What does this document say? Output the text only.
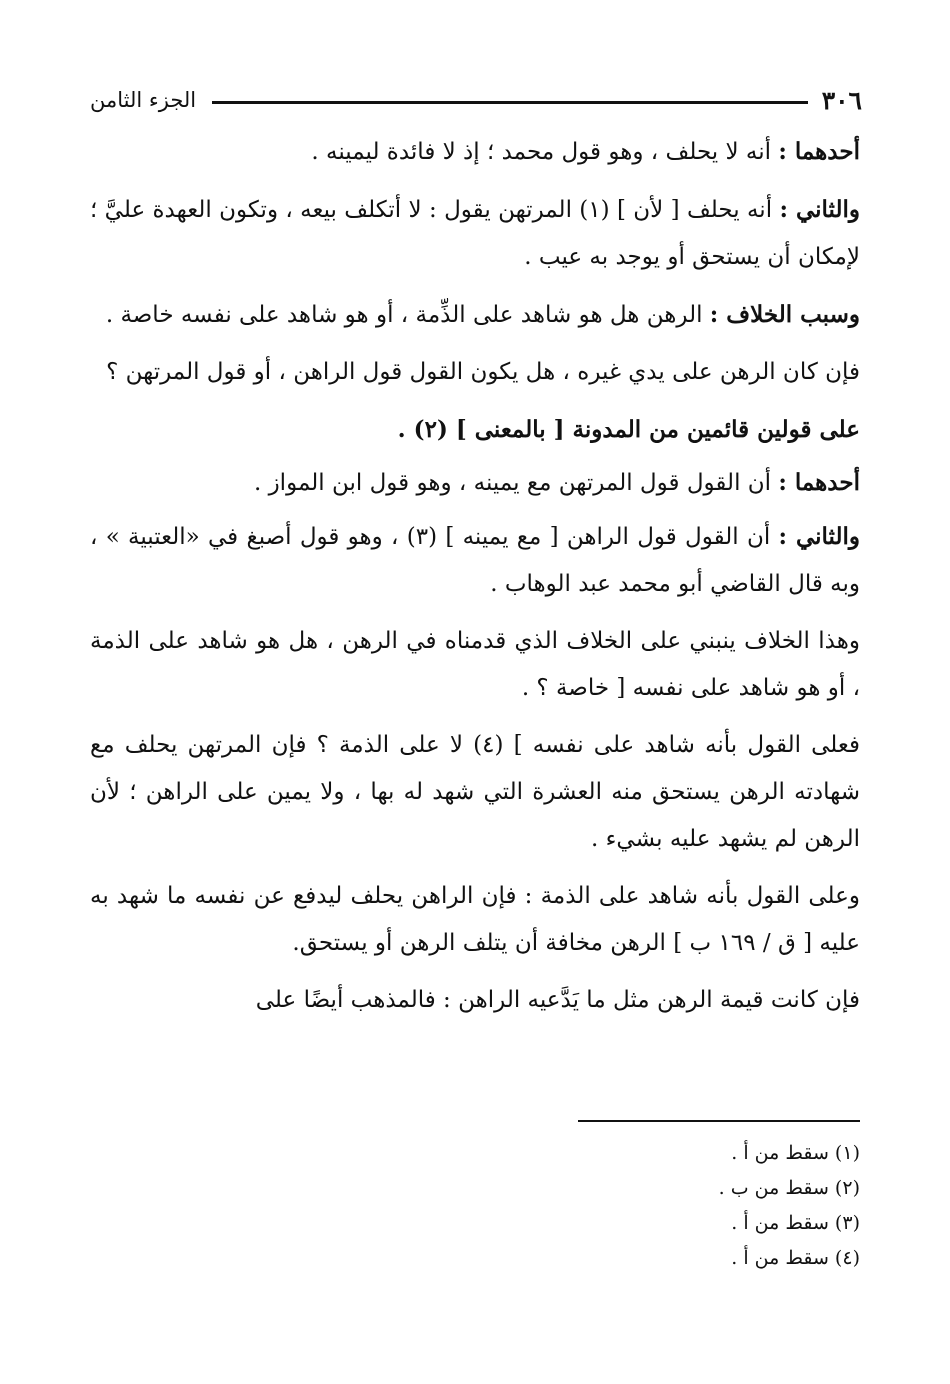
٣٠٦
الجزء الثامن

أحدهما : أنه لا يحلف ، وهو قول محمد ؛ إذ لا فائدة ليمينه .

والثاني : أنه يحلف [ لأن ] (١) المرتهن يقول : لا أتكلف بيعه ، وتكون العهدة عليَّ ؛ لإمكان أن يستحق أو يوجد به عيب .

وسبب الخلاف : الرهن هل هو شاهد على الذِّمة ، أو هو شاهد على نفسه خاصة .

فإن كان الرهن على يدي غيره ، هل يكون القول قول الراهن ، أو قول المرتهن ؟

على قولين قائمين من المدونة [ بالمعنى ] (٢) .

أحدهما : أن القول قول المرتهن مع يمينه ، وهو قول ابن المواز .

والثاني : أن القول قول الراهن [ مع يمينه ] (٣) ، وهو قول أصبغ في «العتبية » ، وبه قال القاضي أبو محمد عبد الوهاب .

وهذا الخلاف ينبني على الخلاف الذي قدمناه في الرهن ، هل هو شاهد على الذمة ، أو هو شاهد على نفسه [ خاصة ؟ .

فعلى القول بأنه شاهد على نفسه ] (٤) لا على الذمة ؟ فإن المرتهن يحلف مع شهادته الرهن يستحق منه العشرة التي شهد له بها ، ولا يمين على الراهن ؛ لأن الرهن لم يشهد عليه بشيء .

وعلى القول بأنه شاهد على الذمة : فإن الراهن يحلف ليدفع عن نفسه ما شهد به عليه [ ق / ١٦٩ ب ] الرهن مخافة أن يتلف الرهن أو يستحق.

فإن كانت قيمة الرهن مثل ما يَدَّعيه الراهن : فالمذهب أيضًا على

(١) سقط من أ .
(٢) سقط من ب .
(٣) سقط من أ .
(٤) سقط من أ .
